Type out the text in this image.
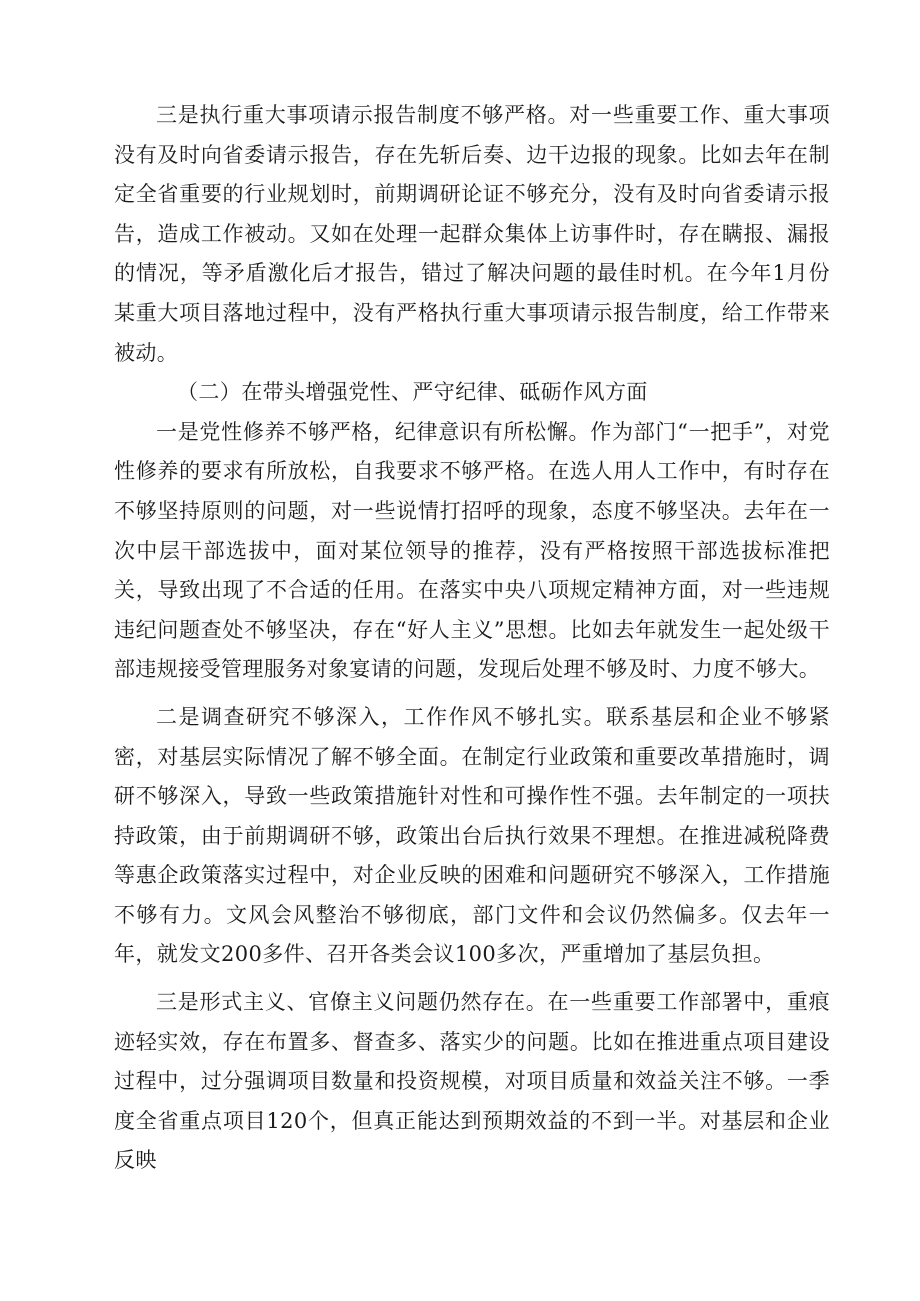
三是执行重大事项请示报告制度不够严格。对一些重要工作、重大事项没有及时向省委请示报告，存在先斩后奏、边干边报的现象。比如去年在制定全省重要的行业规划时，前期调研论证不够充分，没有及时向省委请示报告，造成工作被动。又如在处理一起群众集体上访事件时，存在瞒报、漏报的情况，等矛盾激化后才报告，错过了解决问题的最佳时机。在今年1月份某重大项目落地过程中，没有严格执行重大事项请示报告制度，给工作带来被动。

（二）在带头增强党性、严守纪律、砥砺作风方面

一是党性修养不够严格，纪律意识有所松懈。作为部门“一把手”，对党性修养的要求有所放松，自我要求不够严格。在选人用人工作中，有时存在不够坚持原则的问题，对一些说情打招呼的现象，态度不够坚决。去年在一次中层干部选拔中，面对某位领导的推荐，没有严格按照干部选拔标准把关，导致出现了不合适的任用。在落实中央八项规定精神方面，对一些违规违纪问题查处不够坚决，存在“好人主义”思想。比如去年就发生一起处级干部违规接受管理服务对象宴请的问题，发现后处理不够及时、力度不够大。

二是调查研究不够深入，工作作风不够扎实。联系基层和企业不够紧密，对基层实际情况了解不够全面。在制定行业政策和重要改革措施时，调研不够深入，导致一些政策措施针对性和可操作性不强。去年制定的一项扶持政策，由于前期调研不够，政策出台后执行效果不理想。在推进减税降费等惠企政策落实过程中，对企业反映的困难和问题研究不够深入，工作措施不够有力。文风会风整治不够彻底，部门文件和会议仍然偏多。仅去年一年，就发文200多件、召开各类会议100多次，严重增加了基层负担。

三是形式主义、官僚主义问题仍然存在。在一些重要工作部署中，重痕迹轻实效，存在布置多、督查多、落实少的问题。比如在推进重点项目建设过程中，过分强调项目数量和投资规模，对项目质量和效益关注不够。一季度全省重点项目120个，但真正能达到预期效益的不到一半。对基层和企业反映
